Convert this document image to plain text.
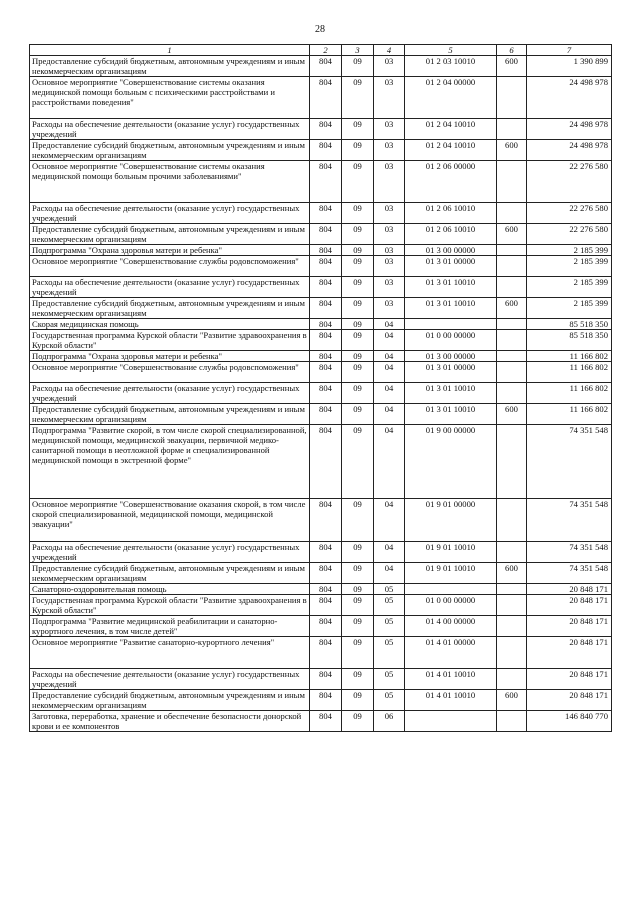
28
1	2	3	4	5	6	7
Предоставление субсидий бюджетным, автономным учреждениям и иным некоммерческим организациям	804	09	03	01 2 03 10010	600	1 390 899
Основное мероприятие "Совершенствование системы оказания медицинской помощи больным с психическими расстройствами и расстройствами поведения"	804	09	03	01 2 04 00000		24 498 978
Расходы на обеспечение деятельности (оказание услуг) государственных учреждений	804	09	03	01 2 04 10010		24 498 978
Предоставление субсидий бюджетным, автономным учреждениям и иным некоммерческим организациям	804	09	03	01 2 04 10010	600	24 498 978
Основное мероприятие "Совершенствование системы оказания медицинской помощи больным прочими заболеваниями"	804	09	03	01 2 06 00000		22 276 580
Расходы на обеспечение деятельности (оказание услуг) государственных учреждений	804	09	03	01 2 06 10010		22 276 580
Предоставление субсидий бюджетным, автономным учреждениям и иным некоммерческим организациям	804	09	03	01 2 06 10010	600	22 276 580
Подпрограмма "Охрана здоровья матери и ребенка"	804	09	03	01 3 00 00000		2 185 399
Основное мероприятие "Совершенствование службы родовспоможения"	804	09	03	01 3 01 00000		2 185 399
Расходы на обеспечение деятельности (оказание услуг) государственных учреждений	804	09	03	01 3 01 10010		2 185 399
Предоставление субсидий бюджетным, автономным учреждениям и иным некоммерческим организациям	804	09	03	01 3 01 10010	600	2 185 399
Скорая медицинская помощь	804	09	04			85 518 350
Государственная программа Курской области "Развитие здравоохранения в Курской области"	804	09	04	01 0 00 00000		85 518 350
Подпрограмма "Охрана здоровья матери и ребенка"	804	09	04	01 3 00 00000		11 166 802
Основное мероприятие "Совершенствование службы родовспоможения"	804	09	04	01 3 01 00000		11 166 802
Расходы на обеспечение деятельности (оказание услуг) государственных учреждений	804	09	04	01 3 01 10010		11 166 802
Предоставление субсидий бюджетным, автономным учреждениям и иным некоммерческим организациям	804	09	04	01 3 01 10010	600	11 166 802
Подпрограмма "Развитие скорой, в том числе скорой специализированной, медицинской помощи, медицинской эвакуации, первичной медико-санитарной помощи в неотложной форме и специализированной медицинской помощи в экстренной форме"	804	09	04	01 9 00 00000		74 351 548
Основное мероприятие "Совершенствование оказания скорой, в том числе скорой специализированной, медицинской помощи, медицинской эвакуации"	804	09	04	01 9 01 00000		74 351 548
Расходы на обеспечение деятельности (оказание услуг) государственных учреждений	804	09	04	01 9 01 10010		74 351 548
Предоставление субсидий бюджетным, автономным учреждениям и иным некоммерческим организациям	804	09	04	01 9 01 10010	600	74 351 548
Санаторно-оздоровительная помощь	804	09	05			20 848 171
Государственная программа Курской области "Развитие здравоохранения в Курской области"	804	09	05	01 0 00 00000		20 848 171
Подпрограмма "Развитие медицинской реабилитации и санаторно-курортного лечения, в том числе детей"	804	09	05	01 4 00 00000		20 848 171
Основное мероприятие "Развитие санаторно-курортного лечения"	804	09	05	01 4 01 00000		20 848 171
Расходы на обеспечение деятельности (оказание услуг) государственных учреждений	804	09	05	01 4 01 10010		20 848 171
Предоставление субсидий бюджетным, автономным учреждениям и иным некоммерческим организациям	804	09	05	01 4 01 10010	600	20 848 171
Заготовка, переработка, хранение и обеспечение безопасности донорской крови и ее компонентов	804	09	06			146 840 770
